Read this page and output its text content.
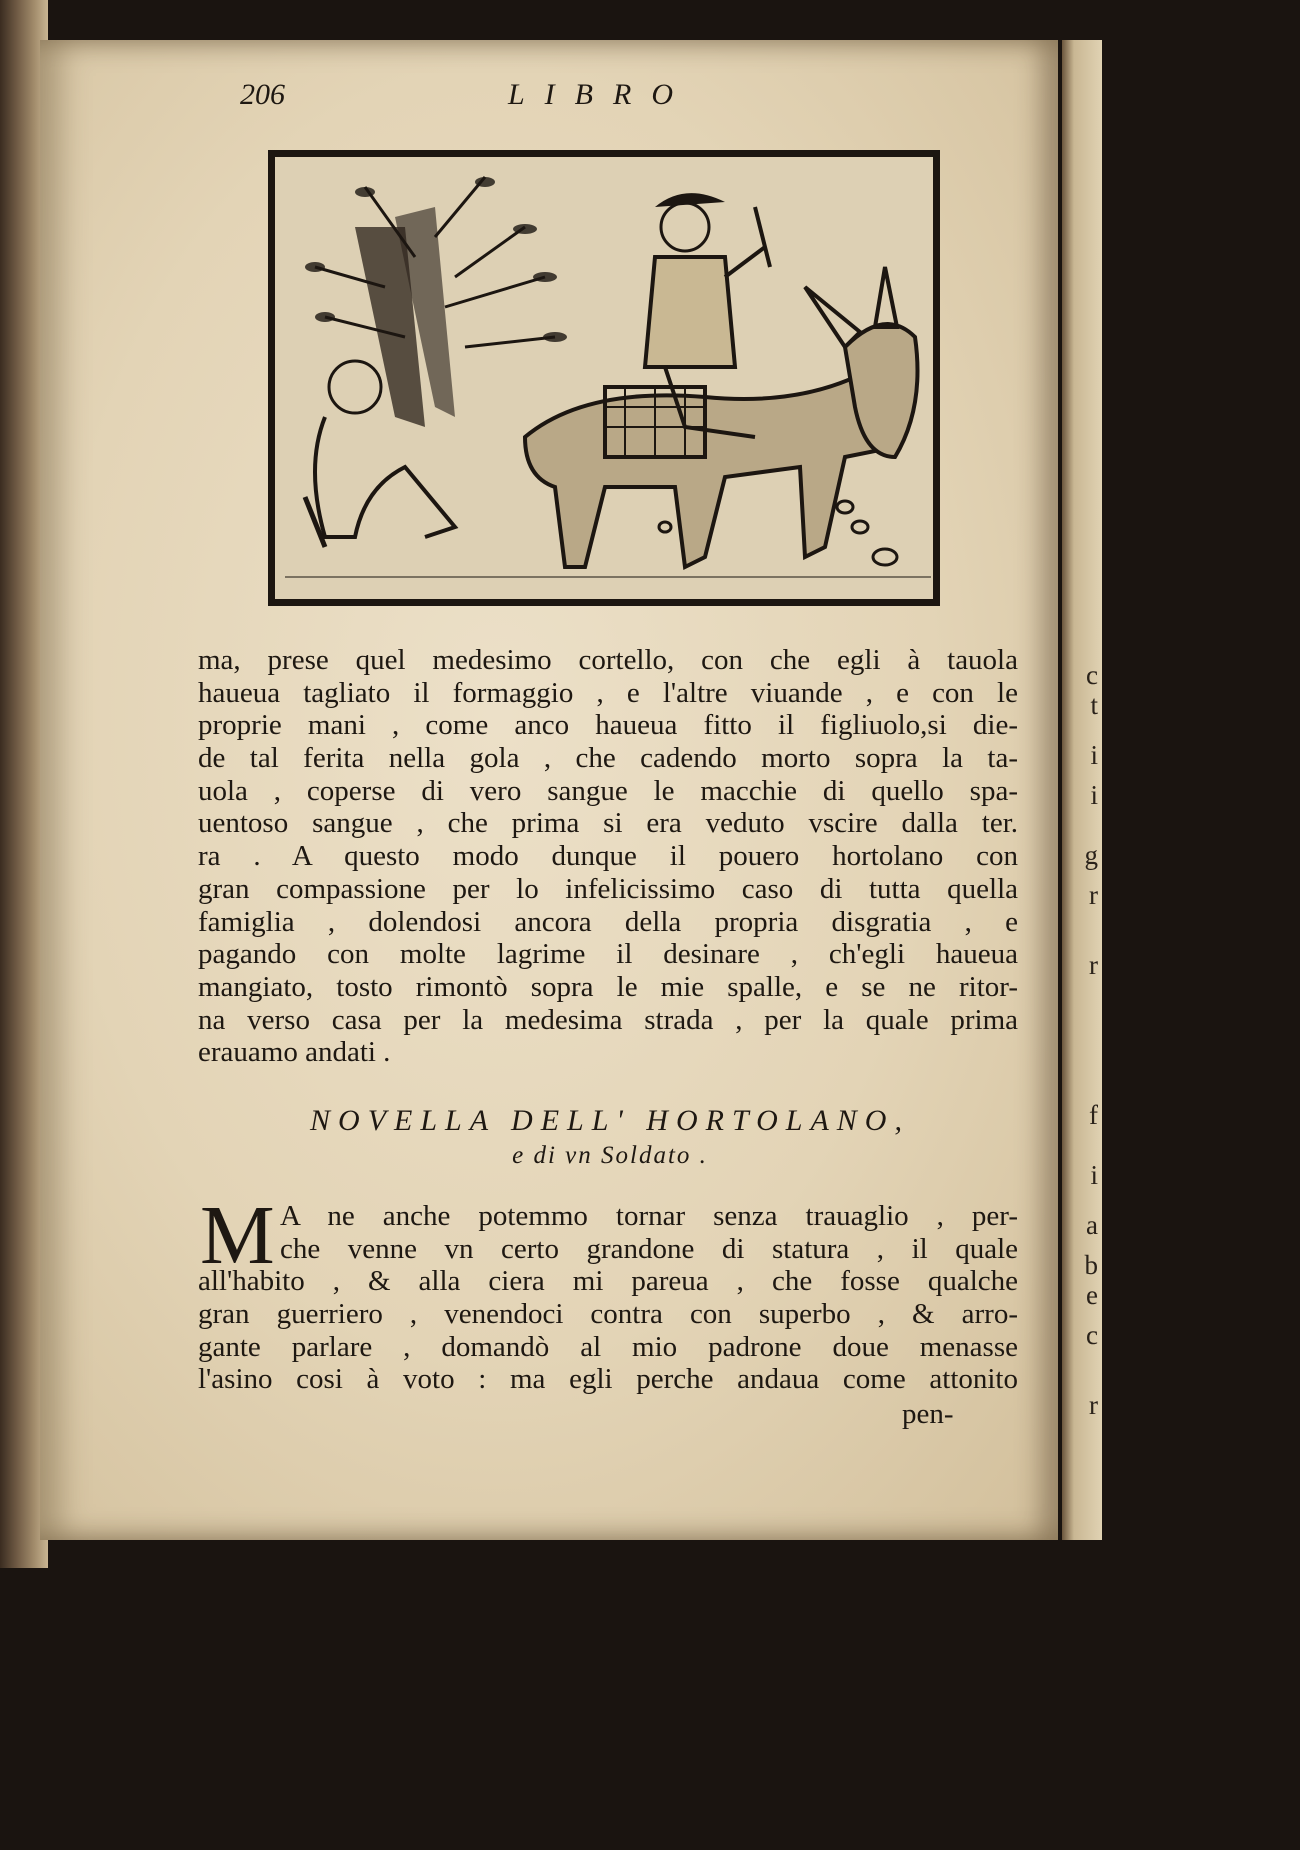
c
t
i
i
g
r
r
f
i
a
b
e
c
r
206	LIBRO
ma, prese quel medesimo cortello, con che egli à tauola
haueua tagliato il formaggio , e l'altre viuande , e con le
proprie mani , come anco haueua fitto il figliuolo,si die-
de tal ferita nella gola , che cadendo morto sopra la ta-
uola , coperse di vero sangue le macchie di quello spa-
uentoso sangue , che prima si era veduto vscire dalla ter.
ra . A questo modo dunque il pouero hortolano con
gran compassione per lo infelicissimo caso di tutta quella
famiglia , dolendosi ancora della propria disgratia , e
pagando con molte lagrime il desinare , ch'egli haueua
mangiato, tosto rimontò sopra le mie spalle, e se ne ritor-
na verso casa per la medesima strada , per la quale prima
erauamo andati .
NOVELLA DELL' HORTOLANO,
e di vn Soldato .
M A ne anche potemmo tornar senza trauaglio , per-
che venne vn certo grandone di statura , il quale
all'habito , & alla ciera mi pareua , che fosse qualche
gran guerriero , venendoci contra con superbo , & arro-
gante parlare , domandò al mio padrone doue menasse
l'asino cosi à voto : ma egli perche andaua come attonito
pen-
